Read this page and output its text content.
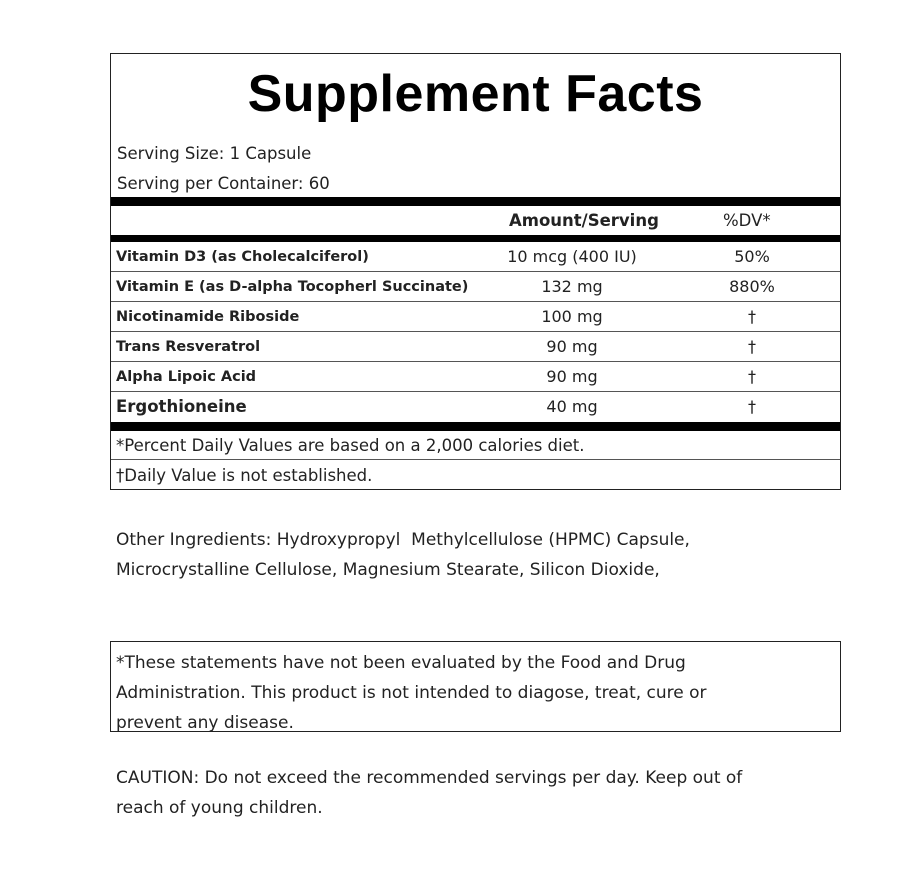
Supplement Facts
Serving Size: 1 Capsule
Serving per Container: 60
Amount/Serving	%DV*
Vitamin D3 (as Cholecalciferol)	10 mcg (400 IU)	50%
Vitamin E (as D-alpha Tocopherl Succinate)	132 mg	880%
Nicotinamide Riboside	100 mg	†
Trans Resveratrol	90 mg	†
Alpha Lipoic Acid	90 mg	†
Ergothioneine	40 mg	†
*Percent Daily Values are based on a 2,000 calories diet.
†Daily Value is not established.
Other Ingredients: Hydroxypropyl  Methylcellulose (HPMC) Capsule,
Microcrystalline Cellulose, Magnesium Stearate, Silicon Dioxide,
*These statements have not been evaluated by the Food and Drug
Administration. This product is not intended to diagose, treat, cure or
prevent any disease.
CAUTION: Do not exceed the recommended servings per day. Keep out of
reach of young children.
